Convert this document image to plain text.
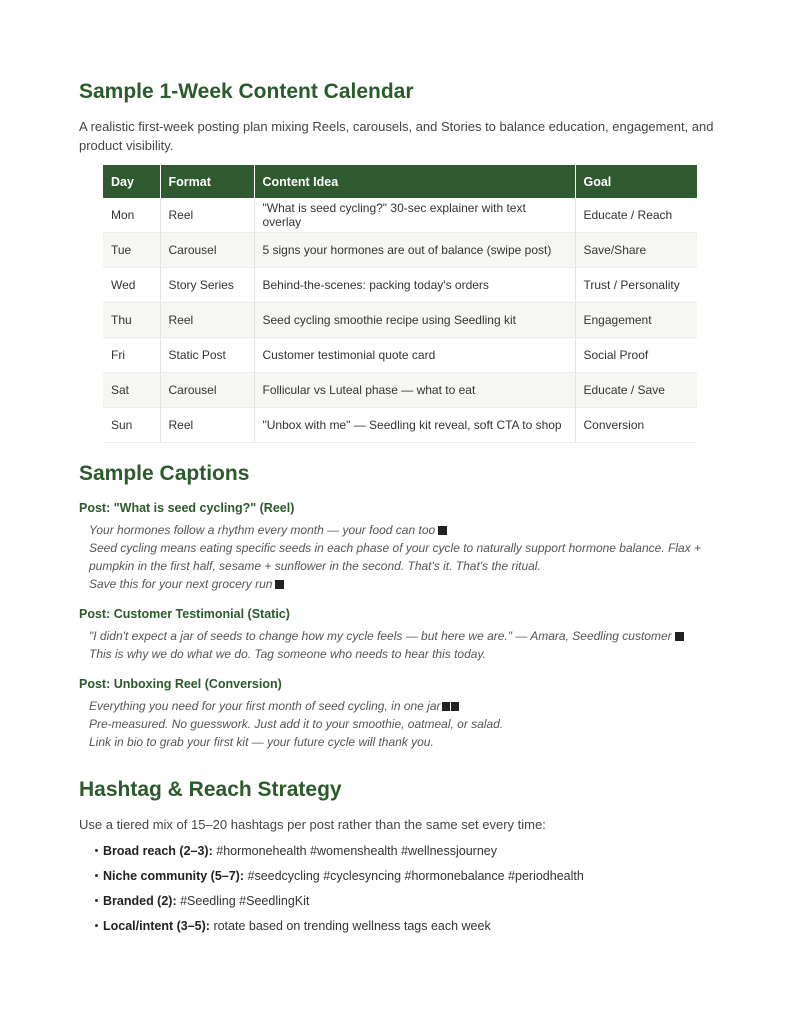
Sample 1-Week Content Calendar
A realistic first-week posting plan mixing Reels, carousels, and Stories to balance education, engagement, and
product visibility.
Day	Format	Content Idea	Goal
Mon	Reel	"What is seed cycling?" 30-sec explainer with text overlay	Educate / Reach
Tue	Carousel	5 signs your hormones are out of balance (swipe post)	Save/Share
Wed	Story Series	Behind-the-scenes: packing today's orders	Trust / Personality
Thu	Reel	Seed cycling smoothie recipe using Seedling kit	Engagement
Fri	Static Post	Customer testimonial quote card	Social Proof
Sat	Carousel	Follicular vs Luteal phase — what to eat	Educate / Save
Sun	Reel	"Unbox with me" — Seedling kit reveal, soft CTA to shop	Conversion
Sample Captions
Post: "What is seed cycling?" (Reel)
Your hormones follow a rhythm every month — your food can too
Seed cycling means eating specific seeds in each phase of your cycle to naturally support hormone balance. Flax +
pumpkin in the first half, sesame + sunflower in the second. That's it. That's the ritual.
Save this for your next grocery run
Post: Customer Testimonial (Static)
"I didn't expect a jar of seeds to change how my cycle feels — but here we are." — Amara, Seedling customer
This is why we do what we do. Tag someone who needs to hear this today.
Post: Unboxing Reel (Conversion)
Everything you need for your first month of seed cycling, in one jar
Pre-measured. No guesswork. Just add it to your smoothie, oatmeal, or salad.
Link in bio to grab your first kit — your future cycle will thank you.
Hashtag & Reach Strategy
Use a tiered mix of 15–20 hashtags per post rather than the same set every time:
Broad reach (2–3): #hormonehealth #womenshealth #wellnessjourney
Niche community (5–7): #seedcycling #cyclesyncing #hormonebalance #periodhealth
Branded (2): #Seedling #SeedlingKit
Local/intent (3–5): rotate based on trending wellness tags each week
